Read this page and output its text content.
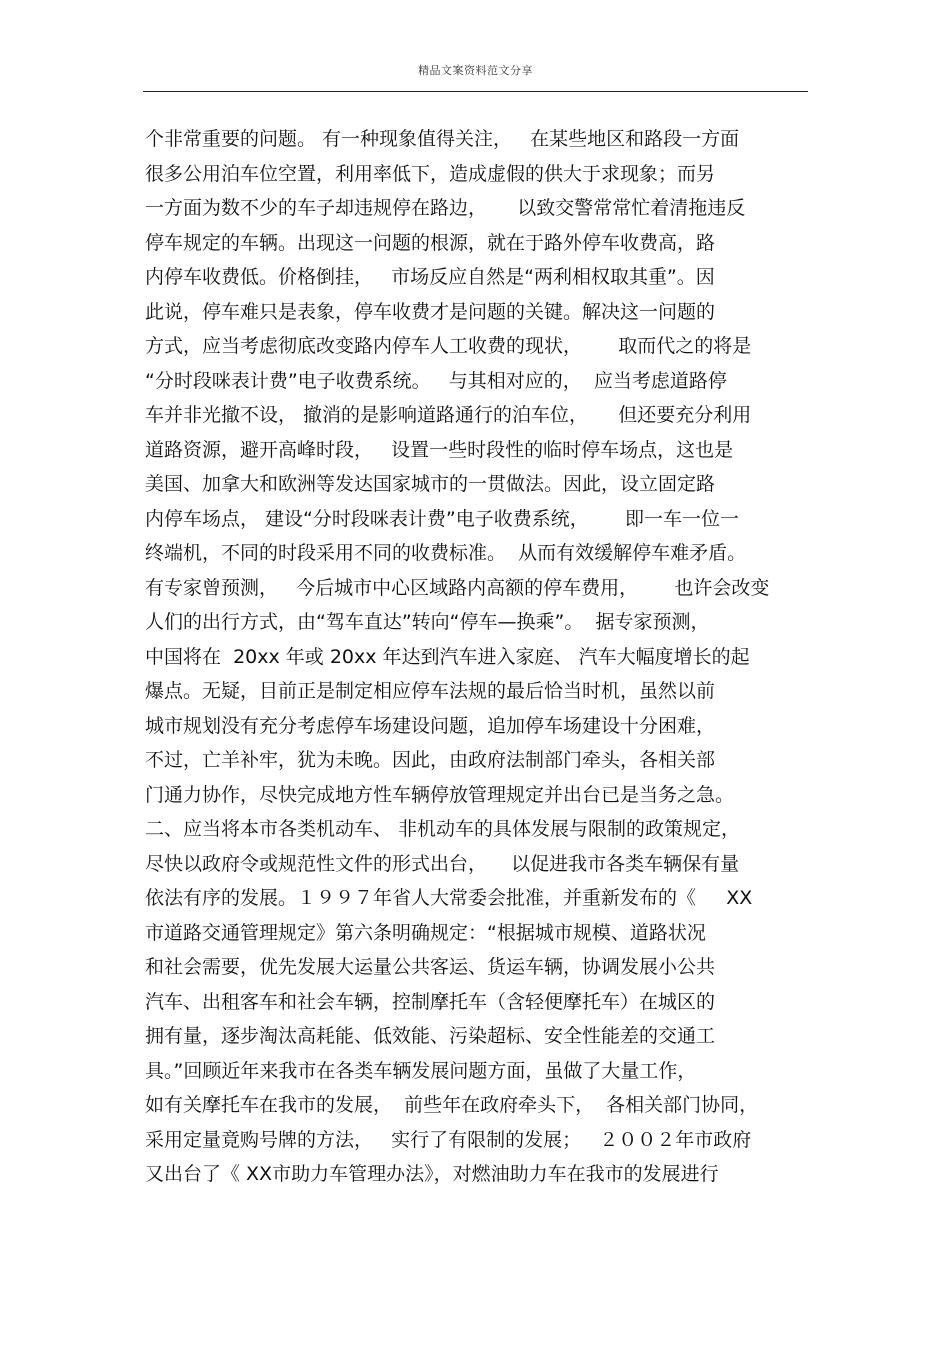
精品文案资料范文分享
个非常重要的问题。 有一种现象值得关注，   在某些地区和路段一方面
很多公用泊车位空置，利用率低下，造成虚假的供大于求现象；而另
一方面为数不少的车子却违规停在路边，     以致交警常常忙着清拖违反
停车规定的车辆。出现这一问题的根源，就在于路外停车收费高，路
内停车收费低。价格倒挂，   市场反应自然是“两利相权取其重”。因
此说，停车难只是表象，停车收费才是问题的关键。解决这一问题的
方式，应当考虑彻底改变路内停车人工收费的现状，      取而代之的将是
“分时段咪表计费”电子收费系统。   与其相对应的，  应当考虑道路停
车并非光撤不设， 撤消的是影响道路通行的泊车位，     但还要充分利用
道路资源，避开高峰时段，   设置一些时段性的临时停车场点，这也是
美国、加拿大和欧洲等发达国家城市的一贯做法。因此，设立固定路
内停车场点， 建设“分时段咪表计费”电子收费系统，      即一车一位一
终端机，不同的时段采用不同的收费标准。  从而有效缓解停车难矛盾。
有专家曾预测，   今后城市中心区域路内高额的停车费用，      也许会改变
人们的出行方式，由“驾车直达”转向“停车—换乘”。  据专家预测，
中国将在  20xx 年或 20xx 年达到汽车进入家庭、 汽车大幅度增长的起
爆点。无疑，目前正是制定相应停车法规的最后恰当时机，虽然以前
城市规划没有充分考虑停车场建设问题，追加停车场建设十分困难，
不过，亡羊补牢，犹为未晚。因此，由政府法制部门牵头，各相关部
门通力协作，尽快完成地方性车辆停放管理规定并出台已是当务之急。
二、应当将本市各类机动车、 非机动车的具体发展与限制的政策规定，
尽快以政府令或规范性文件的形式出台，    以促进我市各类车辆保有量
依法有序的发展。１９９７年省人大常委会批准，并重新发布的《     XX
市道路交通管理规定》第六条明确规定：“根据城市规模、道路状况
和社会需要，优先发展大运量公共客运、货运车辆，协调发展小公共
汽车、出租客车和社会车辆，控制摩托车（含轻便摩托车）在城区的
拥有量，逐步淘汰高耗能、低效能、污染超标、安全性能差的交通工
具。”回顾近年来我市在各类车辆发展问题方面，虽做了大量工作，
如有关摩托车在我市的发展，  前些年在政府牵头下，  各相关部门协同，
采用定量竟购号牌的方法，   实行了有限制的发展；   ２００２年市政府
又出台了《 XX市助力车管理办法》，对燃油助力车在我市的发展进行
